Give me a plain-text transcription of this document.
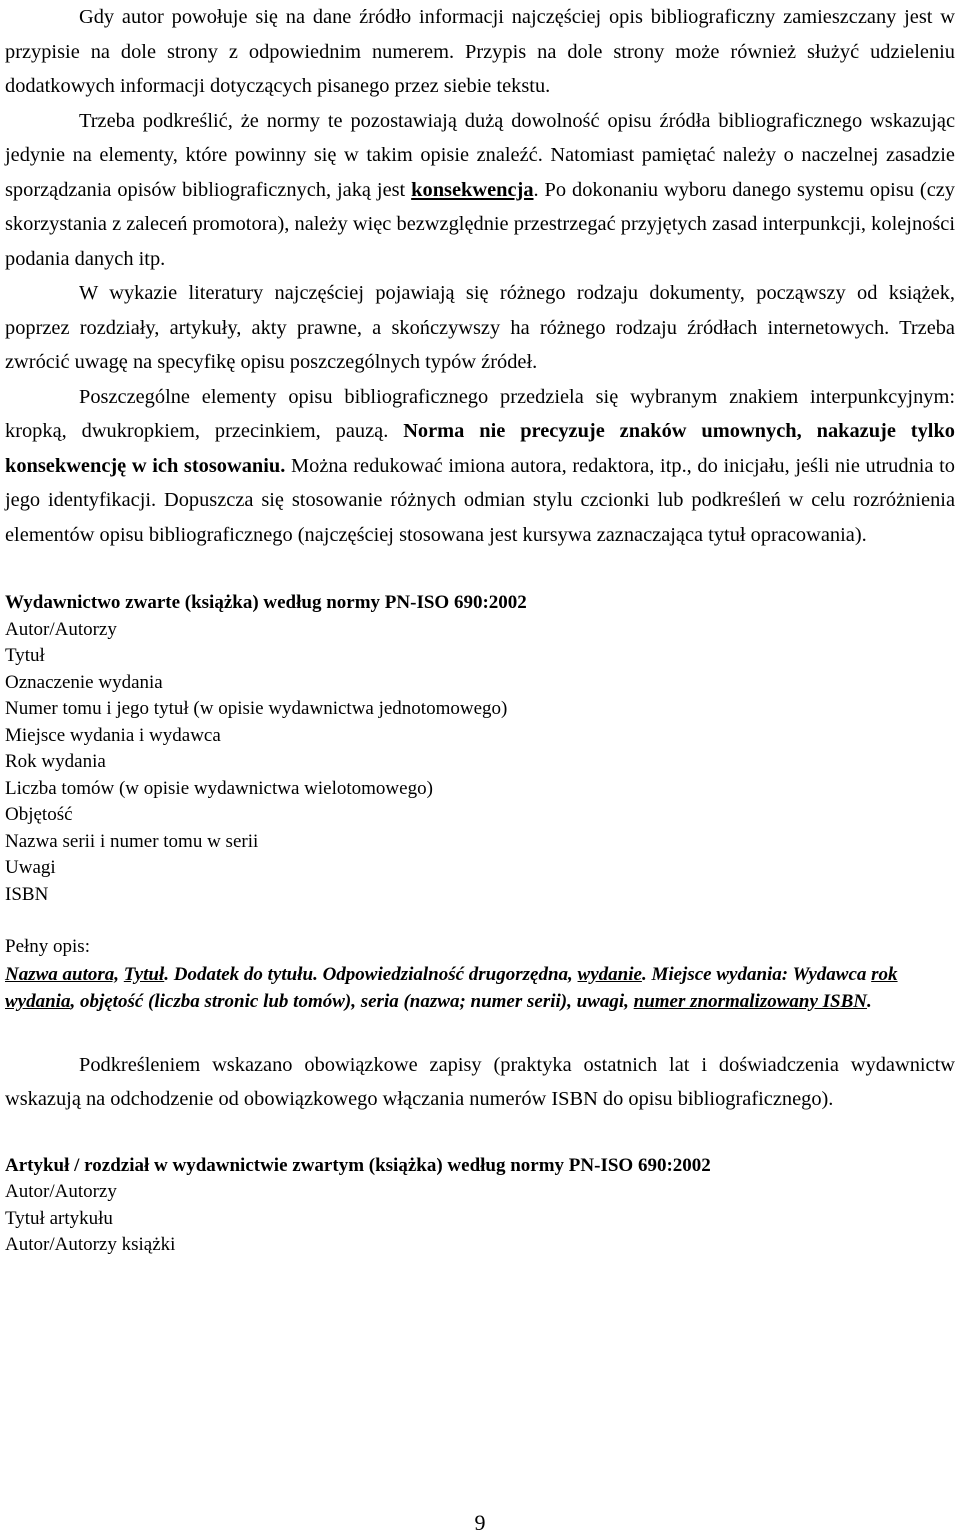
Gdy autor powołuje się na dane źródło informacji najczęściej opis bibliograficzny zamieszczany jest w przypisie na dole strony z odpowiednim numerem. Przypis na dole strony może również służyć udzieleniu dodatkowych informacji dotyczących pisanego przez siebie tekstu.

Trzeba podkreślić, że normy te pozostawiają dużą dowolność opisu źródła bibliograficznego wskazując jedynie na elementy, które powinny się w takim opisie znaleźć. Natomiast pamiętać należy o naczelnej zasadzie sporządzania opisów bibliograficznych, jaką jest konsekwencja. Po dokonaniu wyboru danego systemu opisu (czy skorzystania z zaleceń promotora), należy więc bezwzględnie przestrzegać przyjętych zasad interpunkcji, kolejności podania danych itp.

W wykazie literatury najczęściej pojawiają się różnego rodzaju dokumenty, począwszy od książek, poprzez rozdziały, artykuły, akty prawne, a skończywszy ha różnego rodzaju źródłach internetowych. Trzeba zwrócić uwagę na specyfikę opisu poszczególnych typów źródeł.

Poszczególne elementy opisu bibliograficznego przedziela się wybranym znakiem interpunkcyjnym: kropką, dwukropkiem, przecinkiem, pauzą. Norma nie precyzuje znaków umownych, nakazuje tylko konsekwencję w ich stosowaniu. Można redukować imiona autora, redaktora, itp., do inicjału, jeśli nie utrudnia to jego identyfikacji. Dopuszcza się stosowanie różnych odmian stylu czcionki lub podkreśleń w celu rozróżnienia elementów opisu bibliograficznego (najczęściej stosowana jest kursywa zaznaczająca tytuł opracowania).

Wydawnictwo zwarte (książka) według normy PN-ISO 690:2002

Autor/Autorzy

Tytuł

Oznaczenie wydania

Numer tomu i jego tytuł (w opisie wydawnictwa jednotomowego)

Miejsce wydania i wydawca

Rok wydania

Liczba tomów (w opisie wydawnictwa wielotomowego)

Objętość

Nazwa serii i numer tomu w serii

Uwagi

ISBN

Pełny opis:

Nazwa autora, Tytuł. Dodatek do tytułu. Odpowiedzialność drugorzędna, wydanie. Miejsce wydania: Wydawca rok wydania, objętość (liczba stronic lub tomów), seria (nazwa; numer serii), uwagi, numer znormalizowany ISBN.

Podkreśleniem wskazano obowiązkowe zapisy (praktyka ostatnich lat i doświadczenia wydawnictw wskazują na odchodzenie od obowiązkowego włączania numerów ISBN do opisu bibliograficznego).

Artykuł / rozdział w wydawnictwie zwartym (książka) według normy PN-ISO 690:2002

Autor/Autorzy

Tytuł artykułu

Autor/Autorzy książki

9
